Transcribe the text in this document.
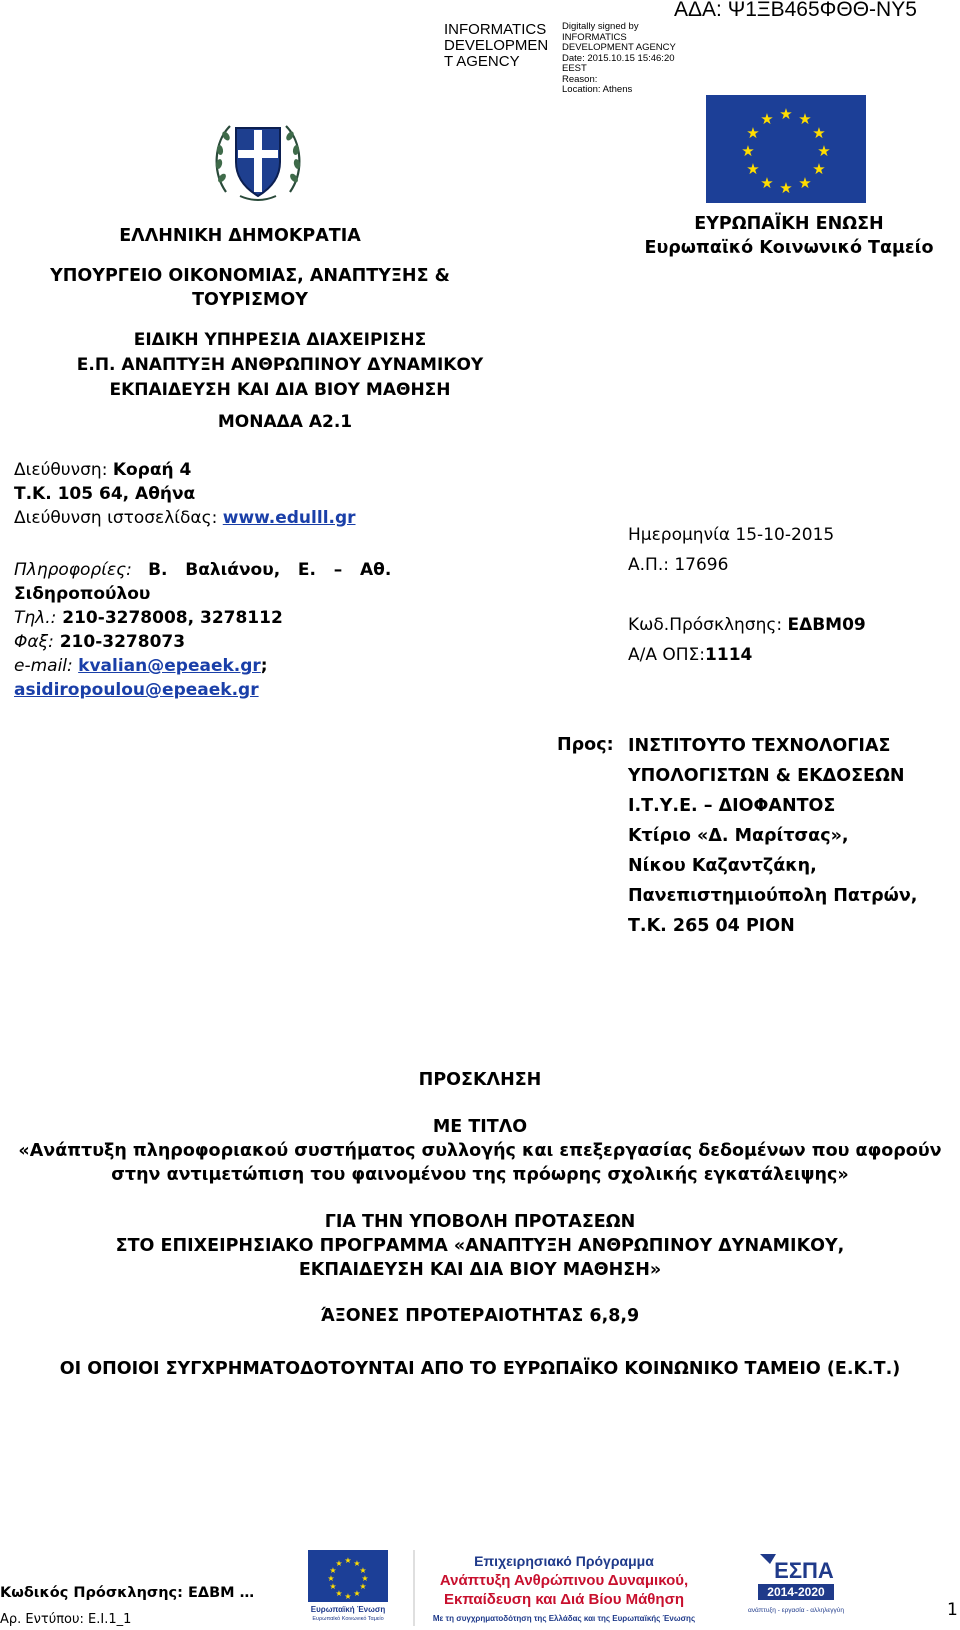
INFORMATICS
DEVELOPMEN
T AGENCY
Digitally signed by
INFORMATICS
DEVELOPMENT AGENCY
Date: 2015.10.15 15:46:20
EEST
Reason:
Location: Athens
ΑΔΑ: Ψ1ΞΒ465ΦΘΘ-ΝΥ5
★ ★
★
★
★
★
★
★
★
★
★
★
ΕΛΛΗΝΙΚΗ ΔΗΜΟΚΡΑΤΙΑ
ΥΠΟΥΡΓΕΙΟ ΟΙΚΟΝΟΜΙΑΣ, ΑΝΑΠΤΥΞΗΣ &
ΤΟΥΡΙΣΜΟΥ
ΕΙΔΙΚΗ ΥΠΗΡΕΣΙΑ ΔΙΑΧΕΙΡΙΣΗΣ
Ε.Π. ΑΝΑΠΤΥΞΗ ΑΝΘΡΩΠΙΝΟΥ ΔΥΝΑΜΙΚΟΥ
ΕΚΠΑΙΔΕΥΣΗ ΚΑΙ ΔΙΑ ΒΙΟΥ ΜΑΘΗΣΗ
ΜΟΝΑΔΑ Α2.1
ΕΥΡΩΠΑΪΚΗ ΕΝΩΣΗ
Ευρωπαϊκό Κοινωνικό Ταμείο
Διεύθυνση: Κοραή 4
Τ.Κ. 105 64, Αθήνα
Διεύθυνση ιστοσελίδας: www.edulll.gr
Πληροφορίες: Β.   Βαλιάνου,   Ε.   –   Αθ.
Σιδηροπούλου
Τηλ.: 210-3278008, 3278112
Φαξ: 210-3278073
e-mail: kvalian@epeaek.gr;
asidiropoulou@epeaek.gr
Ημερομηνία 15-10-2015
Α.Π.: 17696
Κωδ.Πρόσκλησης: ΕΔΒΜ09
Α/Α ΟΠΣ:1114
Προς: ΙΝΣΤΙΤΟΥΤΟ ΤΕΧΝΟΛΟΓΙΑΣ
ΥΠΟΛΟΓΙΣΤΩΝ & ΕΚΔΟΣΕΩΝ
Ι.Τ.Υ.Ε. – ΔΙΟΦΑΝΤΟΣ
Κτίριο «Δ. Μαρίτσας»,
Νίκου Καζαντζάκη,
Πανεπιστημιούπολη Πατρών,
Τ.Κ. 265 04 ΡΙΟΝ
ΠΡΟΣΚΛΗΣΗ
ΜΕ ΤΙΤΛΟ
«Ανάπτυξη πληροφοριακού συστήματος συλλογής και επεξεργασίας δεδομένων που αφορούν
στην αντιμετώπιση του φαινομένου της πρόωρης σχολικής εγκατάλειψης»
ΓΙΑ ΤΗΝ ΥΠΟΒΟΛΗ ΠΡΟΤΑΣΕΩΝ
ΣΤΟ ΕΠΙΧΕΙΡΗΣΙΑΚΟ ΠΡΟΓΡΑΜΜΑ «ΑΝΑΠΤΥΞΗ ΑΝΘΡΩΠΙΝΟΥ ΔΥΝΑΜΙΚΟΥ,
ΕΚΠΑΙΔΕΥΣΗ ΚΑΙ ΔΙΑ ΒΙΟΥ ΜΑΘΗΣΗ»
ΆΞΟΝΕΣ ΠΡΟΤΕΡΑΙΟΤΗΤΑΣ 6,8,9
ΟΙ ΟΠΟΙΟΙ ΣΥΓΧΡΗΜΑΤΟΔΟΤΟΥΝΤΑΙ ΑΠΟ ΤΟ ΕΥΡΩΠΑΪΚΟ ΚΟΙΝΩΝΙΚΟ ΤΑΜΕΙΟ (Ε.Κ.Τ.)
Κωδικός Πρόσκλησης: ΕΔΒΜ …
Αρ. Εντύπου: Ε.Ι.1_1	1
★ ★
★
★
★
★
★
★
★
★
★
★
Ευρωπαϊκή Ένωση
Ευρωπαϊκό Κοινωνικό Ταμείο
Επιχειρησιακό Πρόγραμμα
Ανάπτυξη Ανθρώπινου Δυναμικού,
Εκπαίδευση και Διά Βίου Μάθηση
Με τη συγχρηματοδότηση της Ελλάδας και της Ευρωπαϊκής Ένωσης
ΕΣΠΑ
2014-2020
ανάπτυξη - εργασία - αλληλεγγύη
